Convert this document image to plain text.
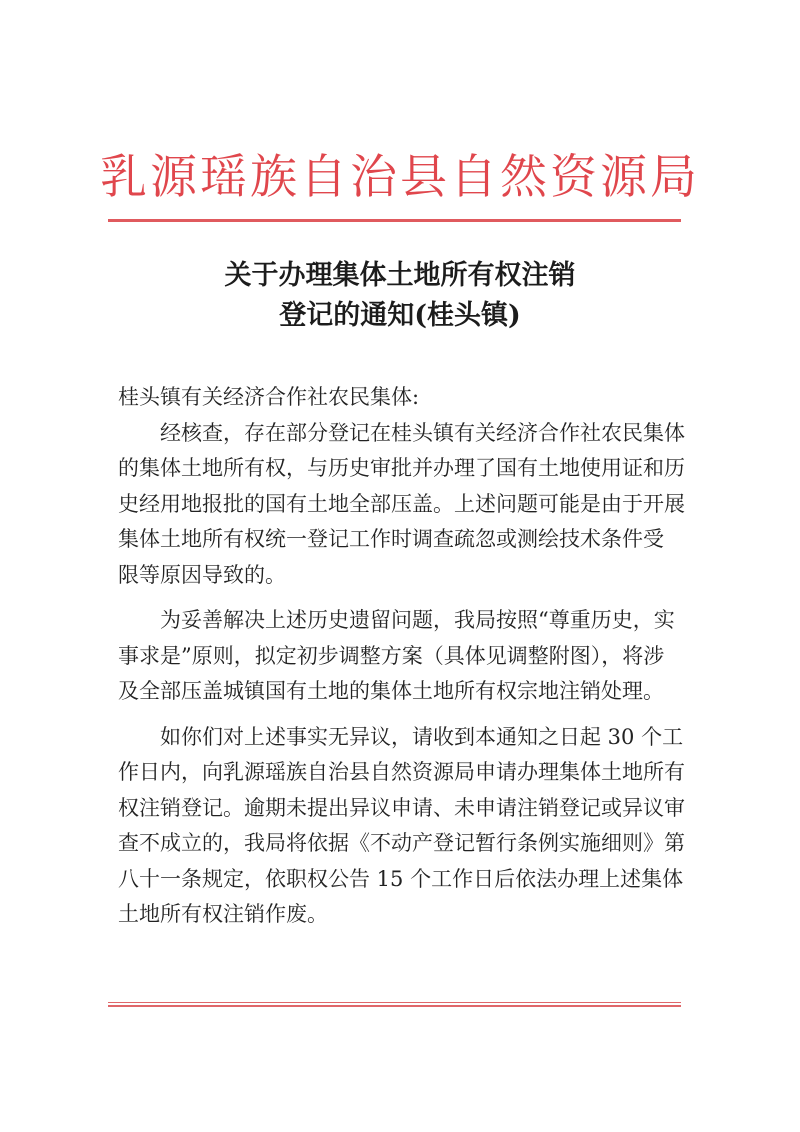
乳源瑶族自治县自然资源局
关于办理集体土地所有权注销
登记的通知(桂头镇)
桂头镇有关经济合作社农民集体:
经核查，存在部分登记在桂头镇有关经济合作社农民集体
的集体土地所有权，与历史审批并办理了国有土地使用证和历
史经用地报批的国有土地全部压盖。上述问题可能是由于开展
集体土地所有权统一登记工作时调查疏忽或测绘技术条件受
限等原因导致的。
为妥善解决上述历史遗留问题，我局按照“尊重历史，实
事求是”原则，拟定初步调整方案（具体见调整附图），将涉
及全部压盖城镇国有土地的集体土地所有权宗地注销处理。
如你们对上述事实无异议，请收到本通知之日起 30 个工
作日内，向乳源瑶族自治县自然资源局申请办理集体土地所有
权注销登记。逾期未提出异议申请、未申请注销登记或异议审
查不成立的，我局将依据《不动产登记暂行条例实施细则》第
八十一条规定，依职权公告 15 个工作日后依法办理上述集体
土地所有权注销作废。
